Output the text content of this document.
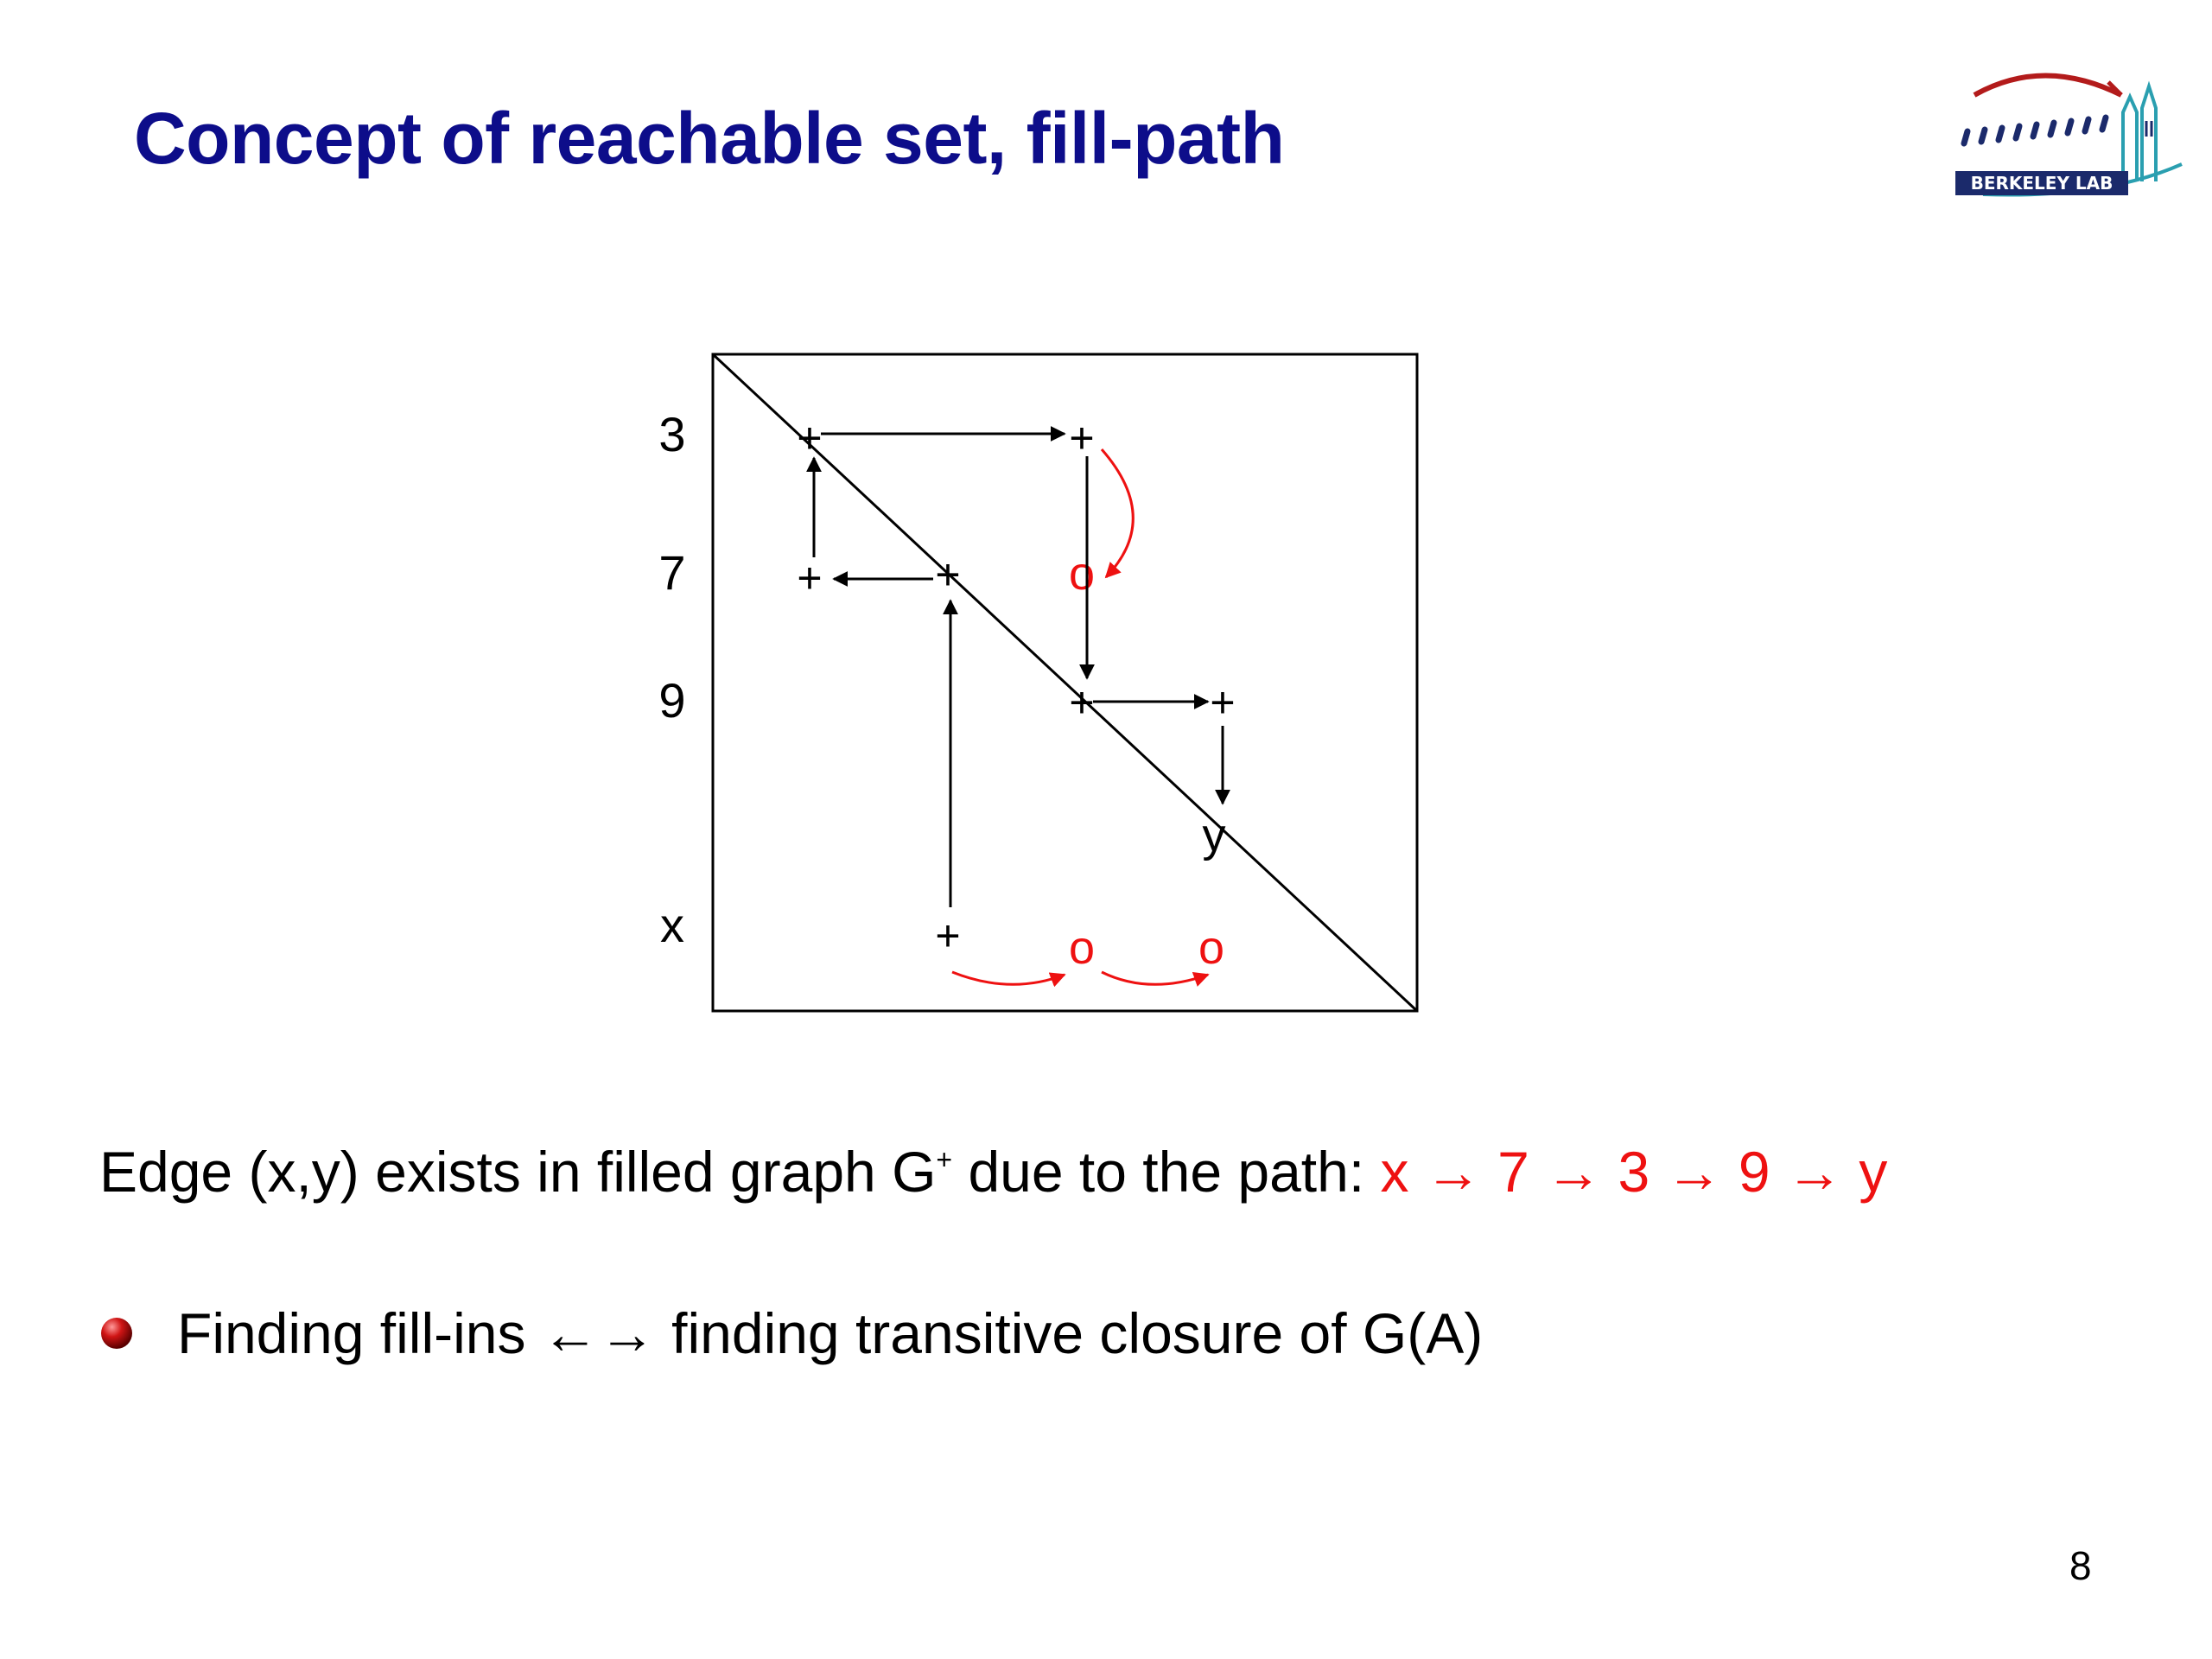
Concept of reachable set, fill-path
BERKELEY LAB
3
7
9
x
+	+
+	+
+	+
+
o
o o
y
Edge (x,y) exists in filled graph G+ due to the path: x → 7 → 3 → 9 → y
Finding fill-ins ←→ finding transitive closure of G(A)
8
